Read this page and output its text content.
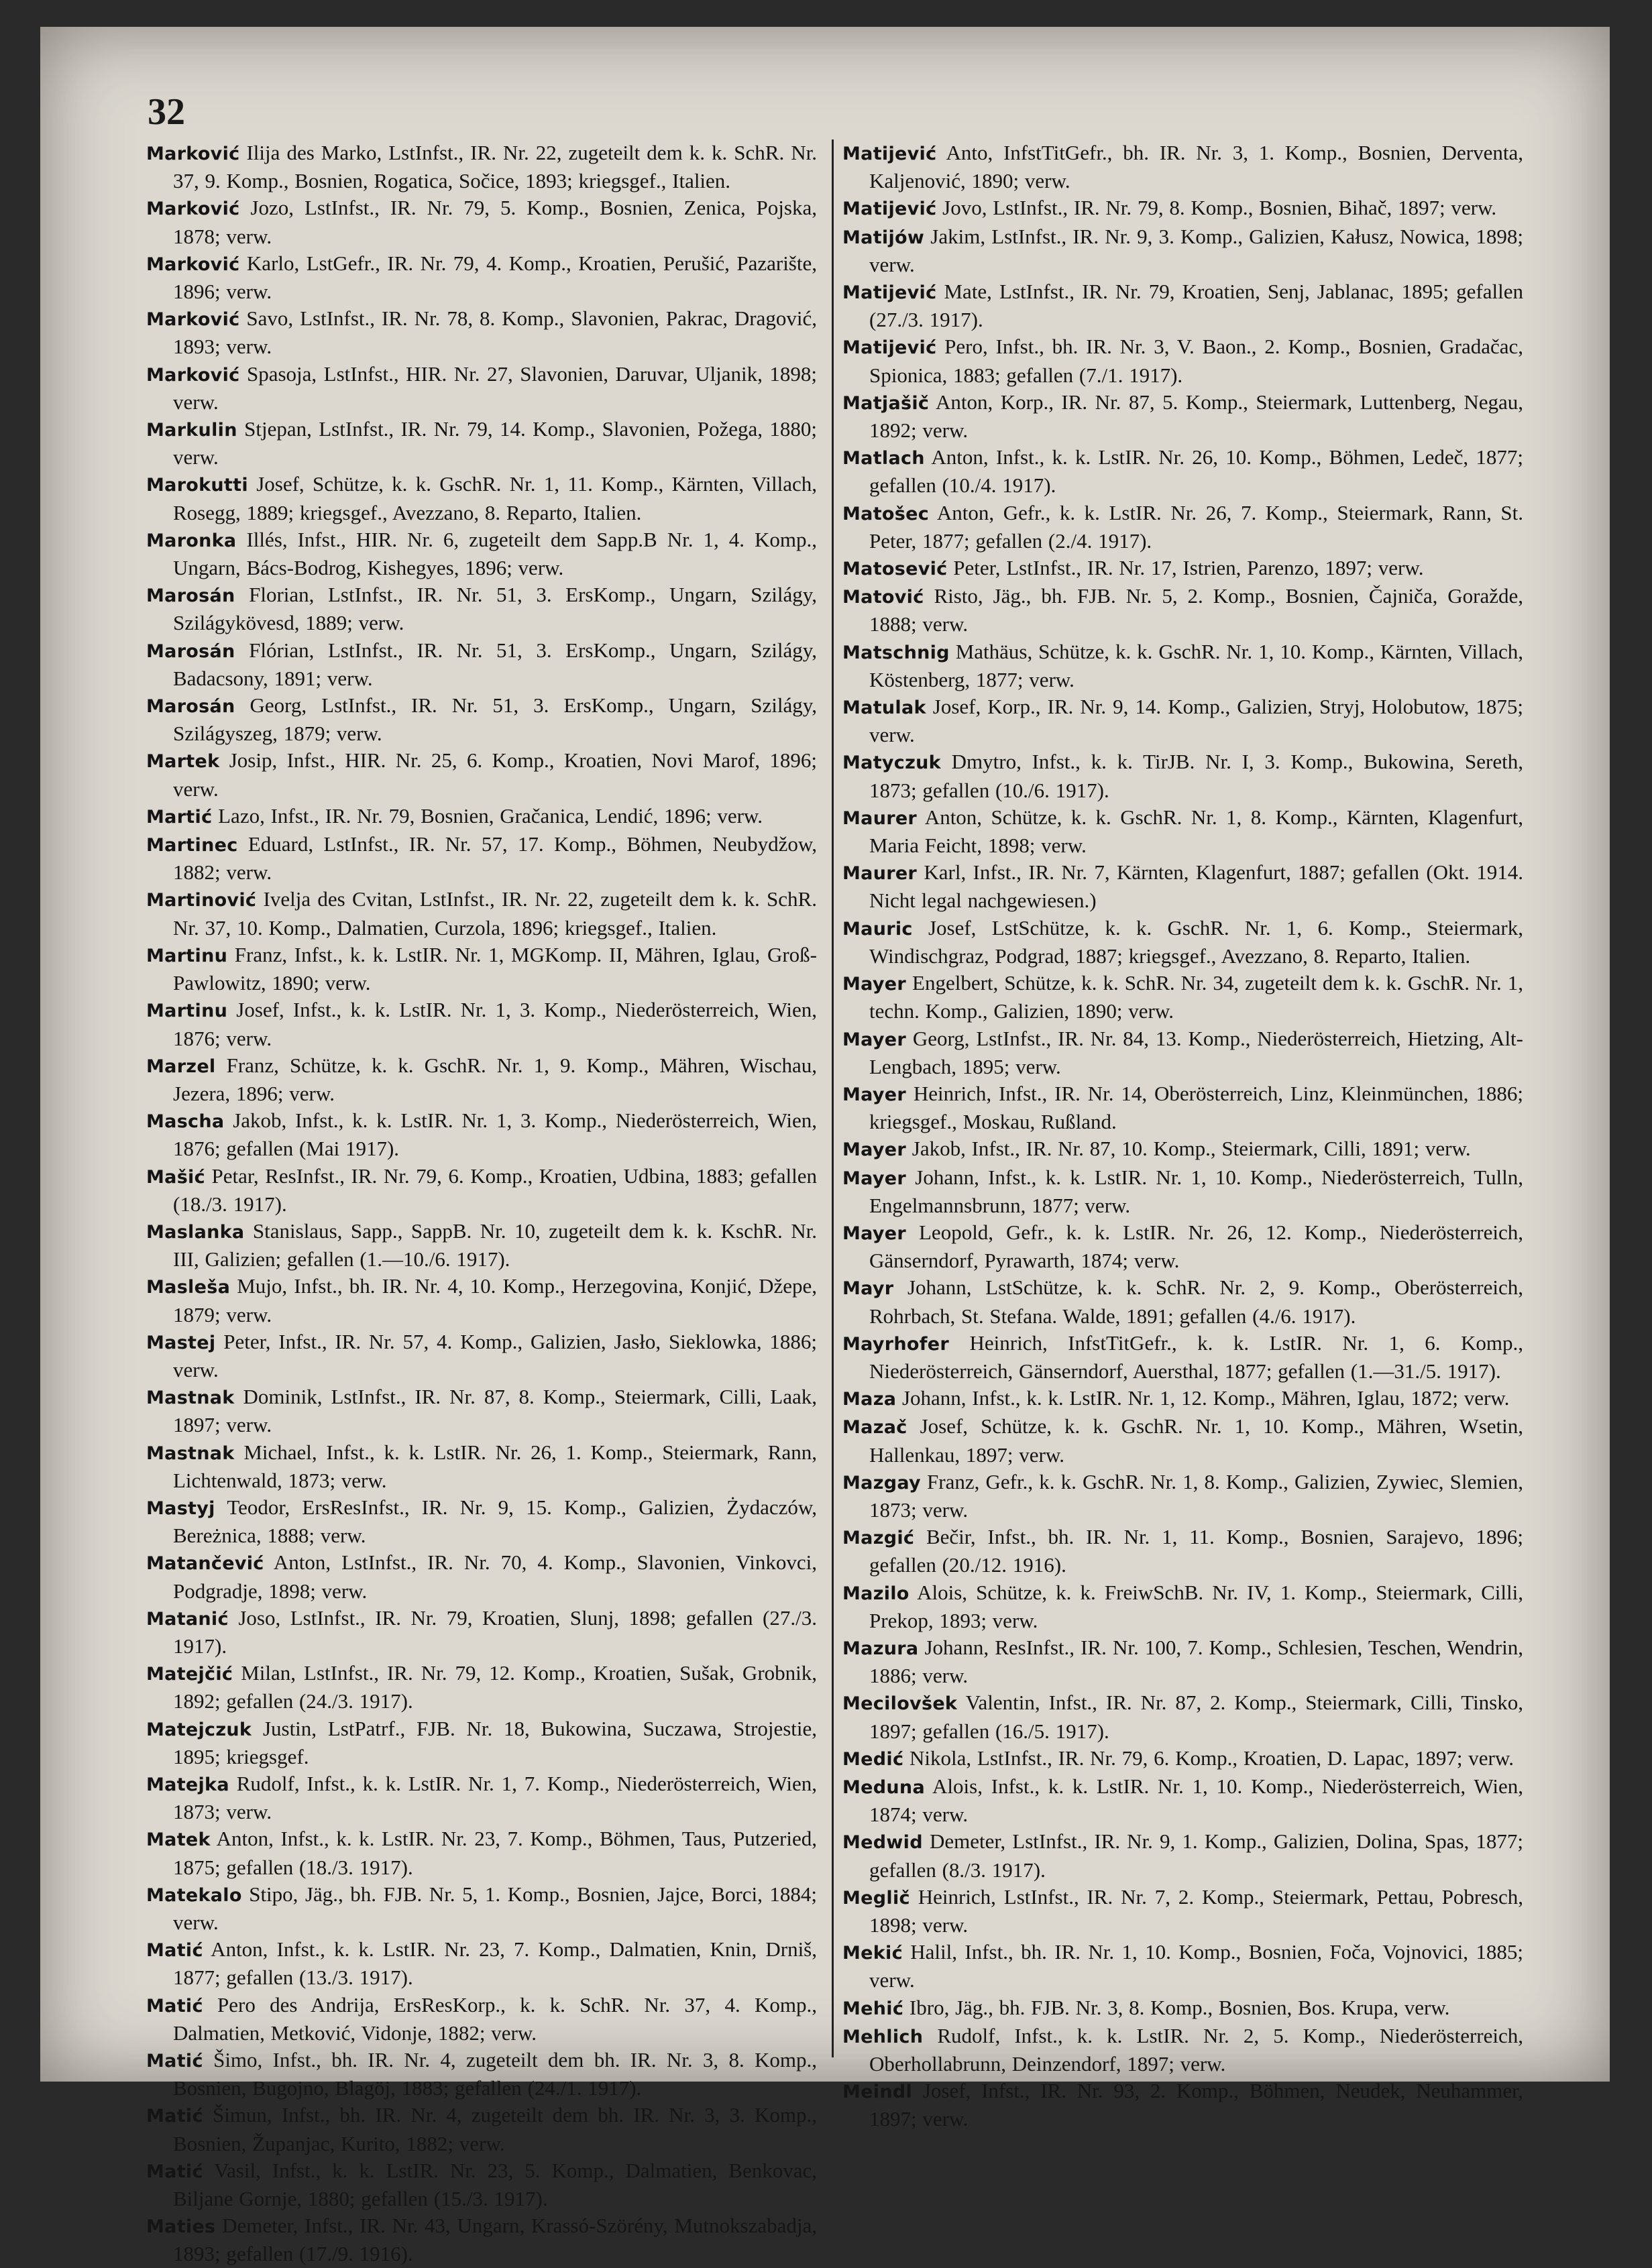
32

Marković Ilija des Marko, LstInfst., IR. Nr. 22, zugeteilt dem k. k. SchR. Nr. 37, 9. Komp., Bosnien, Rogatica, Sočice, 1893; kriegsgef., Italien.

Marković Jozo, LstInfst., IR. Nr. 79, 5. Komp., Bosnien, Zenica, Pojska, 1878; verw.

Marković Karlo, LstGefr., IR. Nr. 79, 4. Komp., Kroatien, Perušić, Pazarište, 1896; verw.

Marković Savo, LstInfst., IR. Nr. 78, 8. Komp., Slavonien, Pakrac, Dragović, 1893; verw.

Marković Spasoja, LstInfst., HIR. Nr. 27, Slavonien, Daruvar, Uljanik, 1898; verw.

Markulin Stjepan, LstInfst., IR. Nr. 79, 14. Komp., Slavonien, Požega, 1880; verw.

Marokutti Josef, Schütze, k. k. GschR. Nr. 1, 11. Komp., Kärnten, Villach, Rosegg, 1889; kriegsgef., Avezzano, 8. Reparto, Italien.

Maronka Illés, Infst., HIR. Nr. 6, zugeteilt dem Sapp.B Nr. 1, 4. Komp., Ungarn, Bács-Bodrog, Kishegyes, 1896; verw.

Marosán Florian, LstInfst., IR. Nr. 51, 3. ErsKomp., Ungarn, Szilágy, Szilágykövesd, 1889; verw.

Marosán Flórian, LstInfst., IR. Nr. 51, 3. ErsKomp., Ungarn, Szilágy, Badacsony, 1891; verw.

Marosán Georg, LstInfst., IR. Nr. 51, 3. ErsKomp., Ungarn, Szilágy, Szilágyszeg, 1879; verw.

Martek Josip, Infst., HIR. Nr. 25, 6. Komp., Kroatien, Novi Marof, 1896; verw.

Martić Lazo, Infst., IR. Nr. 79, Bosnien, Gračanica, Lendić, 1896; verw.

Martinec Eduard, LstInfst., IR. Nr. 57, 17. Komp., Böhmen, Neubydžow, 1882; verw.

Martinović Ivelja des Cvitan, LstInfst., IR. Nr. 22, zugeteilt dem k. k. SchR. Nr. 37, 10. Komp., Dalmatien, Curzola, 1896; kriegsgef., Italien.

Martinu Franz, Infst., k. k. LstIR. Nr. 1, MGKomp. II, Mähren, Iglau, Groß-Pawlowitz, 1890; verw.

Martinu Josef, Infst., k. k. LstIR. Nr. 1, 3. Komp., Niederösterreich, Wien, 1876; verw.

Marzel Franz, Schütze, k. k. GschR. Nr. 1, 9. Komp., Mähren, Wischau, Jezera, 1896; verw.

Mascha Jakob, Infst., k. k. LstIR. Nr. 1, 3. Komp., Niederösterreich, Wien, 1876; gefallen (Mai 1917).

Mašić Petar, ResInfst., IR. Nr. 79, 6. Komp., Kroatien, Udbina, 1883; gefallen (18./3. 1917).

Maslanka Stanislaus, Sapp., SappB. Nr. 10, zugeteilt dem k. k. KschR. Nr. III, Galizien; gefallen (1.—10./6. 1917).

Masleša Mujo, Infst., bh. IR. Nr. 4, 10. Komp., Herzegovina, Konjić, Džepe, 1879; verw.

Mastej Peter, Infst., IR. Nr. 57, 4. Komp., Galizien, Jasło, Sieklowka, 1886; verw.

Mastnak Dominik, LstInfst., IR. Nr. 87, 8. Komp., Steiermark, Cilli, Laak, 1897; verw.

Mastnak Michael, Infst., k. k. LstIR. Nr. 26, 1. Komp., Steiermark, Rann, Lichtenwald, 1873; verw.

Mastyj Teodor, ErsResInfst., IR. Nr. 9, 15. Komp., Galizien, Żydaczów, Bereżnica, 1888; verw.

Matančević Anton, LstInfst., IR. Nr. 70, 4. Komp., Slavonien, Vinkovci, Podgradje, 1898; verw.

Matanić Joso, LstInfst., IR. Nr. 79, Kroatien, Slunj, 1898; gefallen (27./3. 1917).

Matejčić Milan, LstInfst., IR. Nr. 79, 12. Komp., Kroatien, Sušak, Grobnik, 1892; gefallen (24./3. 1917).

Matejczuk Justin, LstPatrf., FJB. Nr. 18, Bukowina, Suczawa, Strojestie, 1895; kriegsgef.

Matejka Rudolf, Infst., k. k. LstIR. Nr. 1, 7. Komp., Niederösterreich, Wien, 1873; verw.

Matek Anton, Infst., k. k. LstIR. Nr. 23, 7. Komp., Böhmen, Taus, Putzeried, 1875; gefallen (18./3. 1917).

Matekalo Stipo, Jäg., bh. FJB. Nr. 5, 1. Komp., Bosnien, Jajce, Borci, 1884; verw.

Matić Anton, Infst., k. k. LstIR. Nr. 23, 7. Komp., Dalmatien, Knin, Drniš, 1877; gefallen (13./3. 1917).

Matić Pero des Andrija, ErsResKorp., k. k. SchR. Nr. 37, 4. Komp., Dalmatien, Metković, Vidonje, 1882; verw.

Matić Šimo, Infst., bh. IR. Nr. 4, zugeteilt dem bh. IR. Nr. 3, 8. Komp., Bosnien, Bugojno, Blagöj, 1883; gefallen (24./1. 1917).

Matić Šimun, Infst., bh. IR. Nr. 4, zugeteilt dem bh. IR. Nr. 3, 3. Komp., Bosnien, Županjac, Kurito, 1882; verw.

Matić Vasil, Infst., k. k. LstIR. Nr. 23, 5. Komp., Dalmatien, Benkovac, Biljane Gornje, 1880; gefallen (15./3. 1917).

Maties Demeter, Infst., IR. Nr. 43, Ungarn, Krassó-Szörény, Mutnokszabadja, 1893; gefallen (17./9. 1916).

Matijević Anto, InfstTitGefr., bh. IR. Nr. 3, 1. Komp., Bosnien, Derventa, Kaljenović, 1890; verw.

Matijević Jovo, LstInfst., IR. Nr. 79, 8. Komp., Bosnien, Bihač, 1897; verw.

Matijów Jakim, LstInfst., IR. Nr. 9, 3. Komp., Galizien, Kałusz, Nowica, 1898; verw.

Matijević Mate, LstInfst., IR. Nr. 79, Kroatien, Senj, Jablanac, 1895; gefallen (27./3. 1917).

Matijević Pero, Infst., bh. IR. Nr. 3, V. Baon., 2. Komp., Bosnien, Gradačac, Spionica, 1883; gefallen (7./1. 1917).

Matjašič Anton, Korp., IR. Nr. 87, 5. Komp., Steiermark, Luttenberg, Negau, 1892; verw.

Matlach Anton, Infst., k. k. LstIR. Nr. 26, 10. Komp., Böhmen, Ledeč, 1877; gefallen (10./4. 1917).

Matošec Anton, Gefr., k. k. LstIR. Nr. 26, 7. Komp., Steiermark, Rann, St. Peter, 1877; gefallen (2./4. 1917).

Matosević Peter, LstInfst., IR. Nr. 17, Istrien, Parenzo, 1897; verw.

Matović Risto, Jäg., bh. FJB. Nr. 5, 2. Komp., Bosnien, Čajniča, Goražde, 1888; verw.

Matschnig Mathäus, Schütze, k. k. GschR. Nr. 1, 10. Komp., Kärnten, Villach, Köstenberg, 1877; verw.

Matulak Josef, Korp., IR. Nr. 9, 14. Komp., Galizien, Stryj, Holobutow, 1875; verw.

Matyczuk Dmytro, Infst., k. k. TirJB. Nr. I, 3. Komp., Bukowina, Sereth, 1873; gefallen (10./6. 1917).

Maurer Anton, Schütze, k. k. GschR. Nr. 1, 8. Komp., Kärnten, Klagenfurt, Maria Feicht, 1898; verw.

Maurer Karl, Infst., IR. Nr. 7, Kärnten, Klagenfurt, 1887; gefallen (Okt. 1914. Nicht legal nachgewiesen.)

Mauric Josef, LstSchütze, k. k. GschR. Nr. 1, 6. Komp., Steiermark, Windischgraz, Podgrad, 1887; kriegsgef., Avezzano, 8. Reparto, Italien.

Mayer Engelbert, Schütze, k. k. SchR. Nr. 34, zugeteilt dem k. k. GschR. Nr. 1, techn. Komp., Galizien, 1890; verw.

Mayer Georg, LstInfst., IR. Nr. 84, 13. Komp., Niederösterreich, Hietzing, Alt-Lengbach, 1895; verw.

Mayer Heinrich, Infst., IR. Nr. 14, Oberösterreich, Linz, Kleinmünchen, 1886; kriegsgef., Moskau, Rußland.

Mayer Jakob, Infst., IR. Nr. 87, 10. Komp., Steiermark, Cilli, 1891; verw.

Mayer Johann, Infst., k. k. LstIR. Nr. 1, 10. Komp., Niederösterreich, Tulln, Engelmannsbrunn, 1877; verw.

Mayer Leopold, Gefr., k. k. LstIR. Nr. 26, 12. Komp., Niederösterreich, Gänserndorf, Pyrawarth, 1874; verw.

Mayr Johann, LstSchütze, k. k. SchR. Nr. 2, 9. Komp., Oberösterreich, Rohrbach, St. Stefana. Walde, 1891; gefallen (4./6. 1917).

Mayrhofer Heinrich, InfstTitGefr., k. k. LstIR. Nr. 1, 6. Komp., Niederösterreich, Gänserndorf, Auersthal, 1877; gefallen (1.—31./5. 1917).

Maza Johann, Infst., k. k. LstIR. Nr. 1, 12. Komp., Mähren, Iglau, 1872; verw.

Mazač Josef, Schütze, k. k. GschR. Nr. 1, 10. Komp., Mähren, Wsetin, Hallenkau, 1897; verw.

Mazgay Franz, Gefr., k. k. GschR. Nr. 1, 8. Komp., Galizien, Zywiec, Slemien, 1873; verw.

Mazgić Bečir, Infst., bh. IR. Nr. 1, 11. Komp., Bosnien, Sarajevo, 1896; gefallen (20./12. 1916).

Mazilo Alois, Schütze, k. k. FreiwSchB. Nr. IV, 1. Komp., Steiermark, Cilli, Prekop, 1893; verw.

Mazura Johann, ResInfst., IR. Nr. 100, 7. Komp., Schlesien, Teschen, Wendrin, 1886; verw.

Mecilovšek Valentin, Infst., IR. Nr. 87, 2. Komp., Steiermark, Cilli, Tinsko, 1897; gefallen (16./5. 1917).

Medić Nikola, LstInfst., IR. Nr. 79, 6. Komp., Kroatien, D. Lapac, 1897; verw.

Meduna Alois, Infst., k. k. LstIR. Nr. 1, 10. Komp., Niederösterreich, Wien, 1874; verw.

Medwid Demeter, LstInfst., IR. Nr. 9, 1. Komp., Galizien, Dolina, Spas, 1877; gefallen (8./3. 1917).

Meglič Heinrich, LstInfst., IR. Nr. 7, 2. Komp., Steiermark, Pettau, Pobresch, 1898; verw.

Mekić Halil, Infst., bh. IR. Nr. 1, 10. Komp., Bosnien, Foča, Vojnovici, 1885; verw.

Mehić Ibro, Jäg., bh. FJB. Nr. 3, 8. Komp., Bosnien, Bos. Krupa, verw.

Mehlich Rudolf, Infst., k. k. LstIR. Nr. 2, 5. Komp., Niederösterreich, Oberhollabrunn, Deinzendorf, 1897; verw.

Meindl Josef, Infst., IR. Nr. 93, 2. Komp., Böhmen, Neudek, Neuhammer, 1897; verw.
